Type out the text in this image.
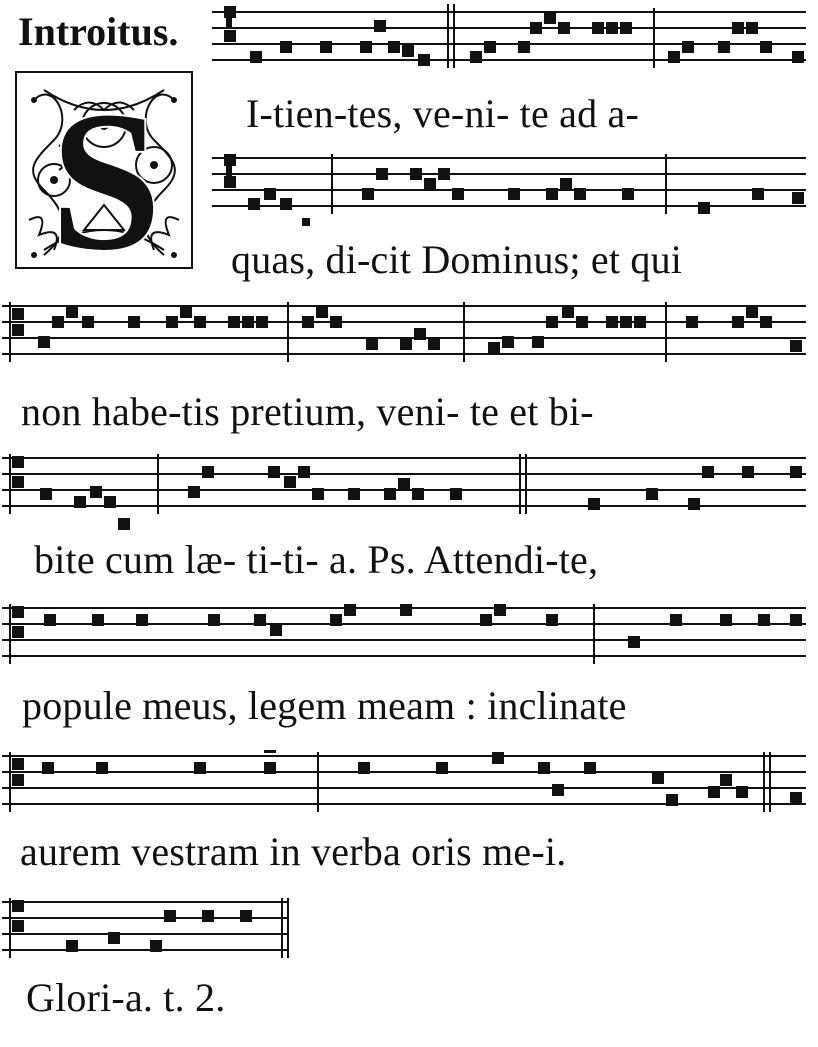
Introitus.
S I-tien-tes, ve-ni- te ad a-

quas, di-cit Dominus; et qui

non habe-tis pretium, veni- te et bi-

bite cum læ- ti-ti- a. Ps. Attendi-te,

popule meus, legem meam : inclinate

aurem vestram in verba oris me-i.

Glori-a. t. 2.
